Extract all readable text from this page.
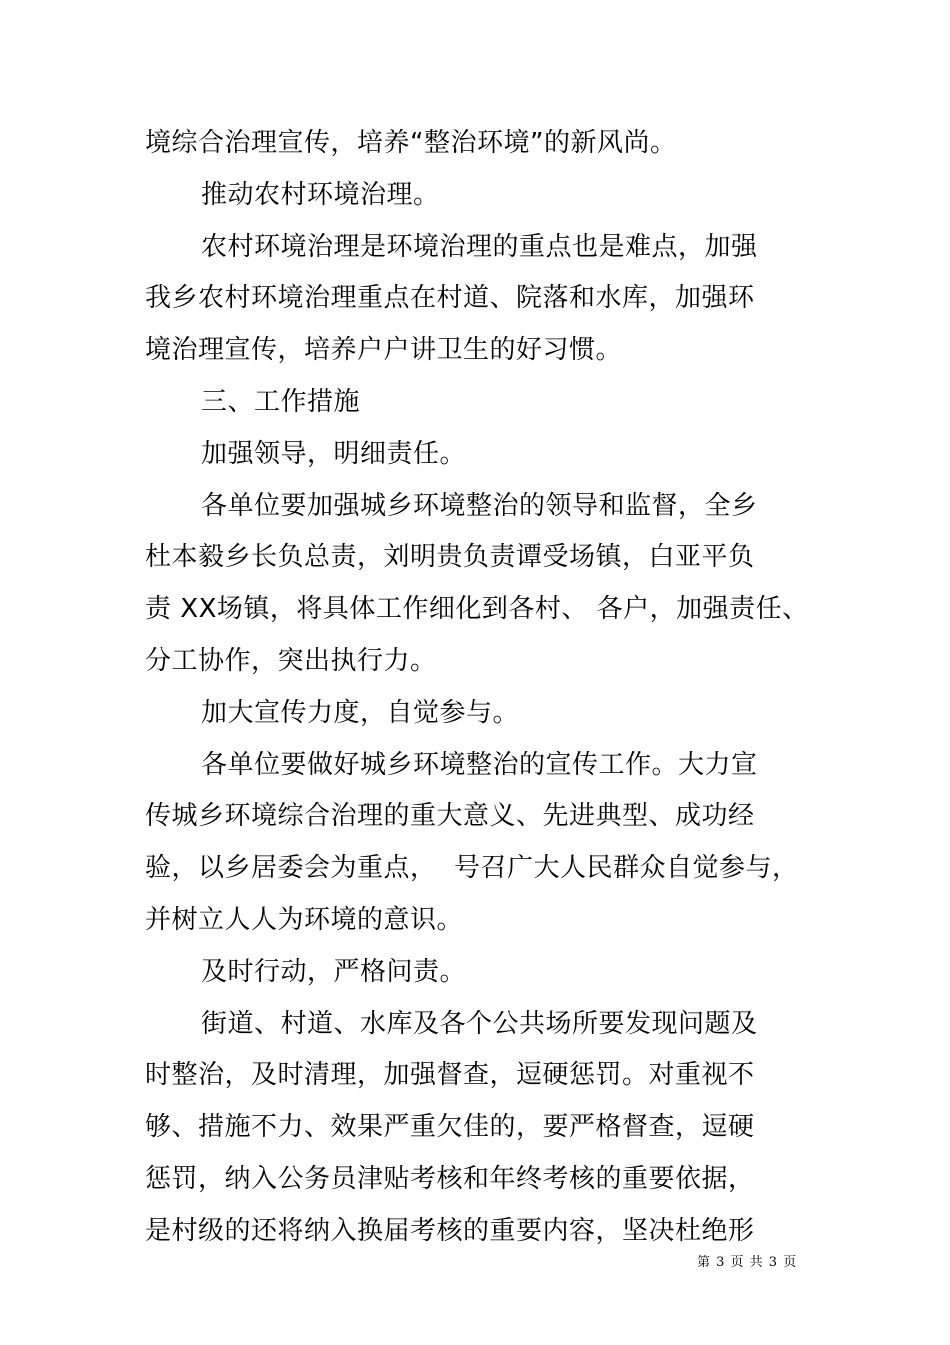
境综合治理宣传，培养“整治环境”的新风尚。
推动农村环境治理。
农村环境治理是环境治理的重点也是难点，加强
我乡农村环境治理重点在村道、院落和水库，加强环
境治理宣传，培养户户讲卫生的好习惯。
三、工作措施
加强领导，明细责任。
各单位要加强城乡环境整治的领导和监督，全乡
杜本毅乡长负总责，刘明贵负责谭受场镇，白亚平负
责 XX场镇，将具体工作细化到各村、 各户，加强责任、
分工协作，突出执行力。
加大宣传力度，自觉参与。
各单位要做好城乡环境整治的宣传工作。大力宣
传城乡环境综合治理的重大意义、先进典型、成功经
验，以乡居委会为重点，  号召广大人民群众自觉参与，
并树立人人为环境的意识。
及时行动，严格问责。
街道、村道、水库及各个公共场所要发现问题及
时整治，及时清理，加强督查，逗硬惩罚。对重视不
够、措施不力、效果严重欠佳的，要严格督查，逗硬
惩罚，纳入公务员津贴考核和年终考核的重要依据，
是村级的还将纳入换届考核的重要内容，坚决杜绝形
第 3 页 共 3 页
